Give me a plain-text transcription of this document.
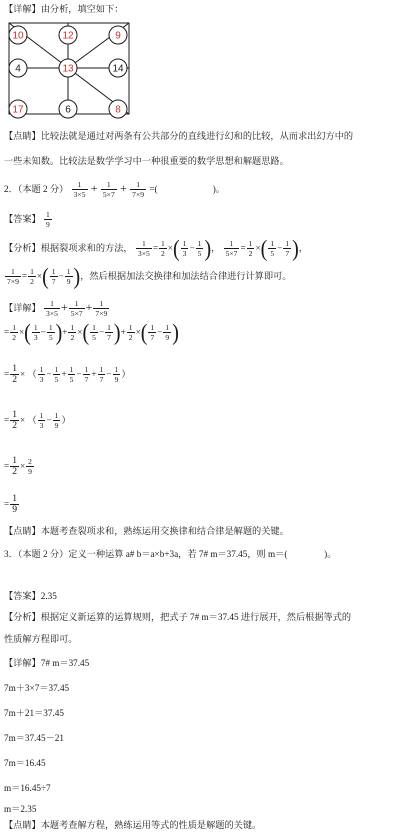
【详解】由分析，填空如下：
10	12	9
4	13	14
17	6	8
【点睛】比较法就是通过对两条有公共部分的直线进行幻和的比较，从而求出幻方中的
一些未知数。比较法是数学学习中一种很重要的数学思想和解题思路。
2．（本题 2 分） $\frac{1}{3\times 5} + \frac{1}{5\times 7} + \frac{1}{7\times 9}$ =(　　　　　　)。
【答案】 $\frac{1}{9}$
【分析】根据裂项求和的方法， $\frac{1}{3\times 5} = \frac{1}{2}$ ×( $\frac{1}{3} - \frac{1}{5}$ )， $\frac{1}{5\times 7} = \frac{1}{2}$ ×( $\frac{1}{5} - \frac{1}{7}$ )，
$\frac{1}{7\times 9} = \frac{1}{2}$ ×( $\frac{1}{7} - \frac{1}{9}$ )，然后根据加法交换律和加法结合律进行计算即可。
【详解】 $\frac{1}{3\times 5} + \frac{1}{5\times 7} + \frac{1}{7\times 9}$
= $\frac{1}{2}$ ×( $\frac{1}{3} - \frac{1}{5}$ )+ $\frac{1}{2}$ ×( $\frac{1}{5} - \frac{1}{7}$ )+ $\frac{1}{2}$ ×( $\frac{1}{7} - \frac{1}{9}$ )
= $\frac{1}{2}$ × （ $\frac{1}{3} - \frac{1}{5} + \frac{1}{5} - \frac{1}{7} + \frac{1}{7} - \frac{1}{9}$ ）
= $\frac{1}{2}$ × （ $\frac{1}{3} - \frac{1}{9}$ ）
= $\frac{1}{2} \times \frac{2}{9}$
= $\frac{1}{9}$
【点睛】本题考查裂项求和，熟练运用交换律和结合律是解题的关键。
3．（本题 2 分）定义一种运算 a# b＝a×b+3a，若 7# m＝37.45，则 m＝(　　　　)。
【答案】2.35
【分析】根据定义新运算的运算规则，把式子 7# m＝37.45 进行展开，然后根据等式的
性质解方程即可。
【详解】7# m＝37.45
7m＋3×7＝37.45
7m＋21＝37.45
7m＝37.45－21
7m＝16.45
m＝16.45÷7
m＝2.35
【点睛】本题考查解方程，熟练运用等式的性质是解题的关键。
